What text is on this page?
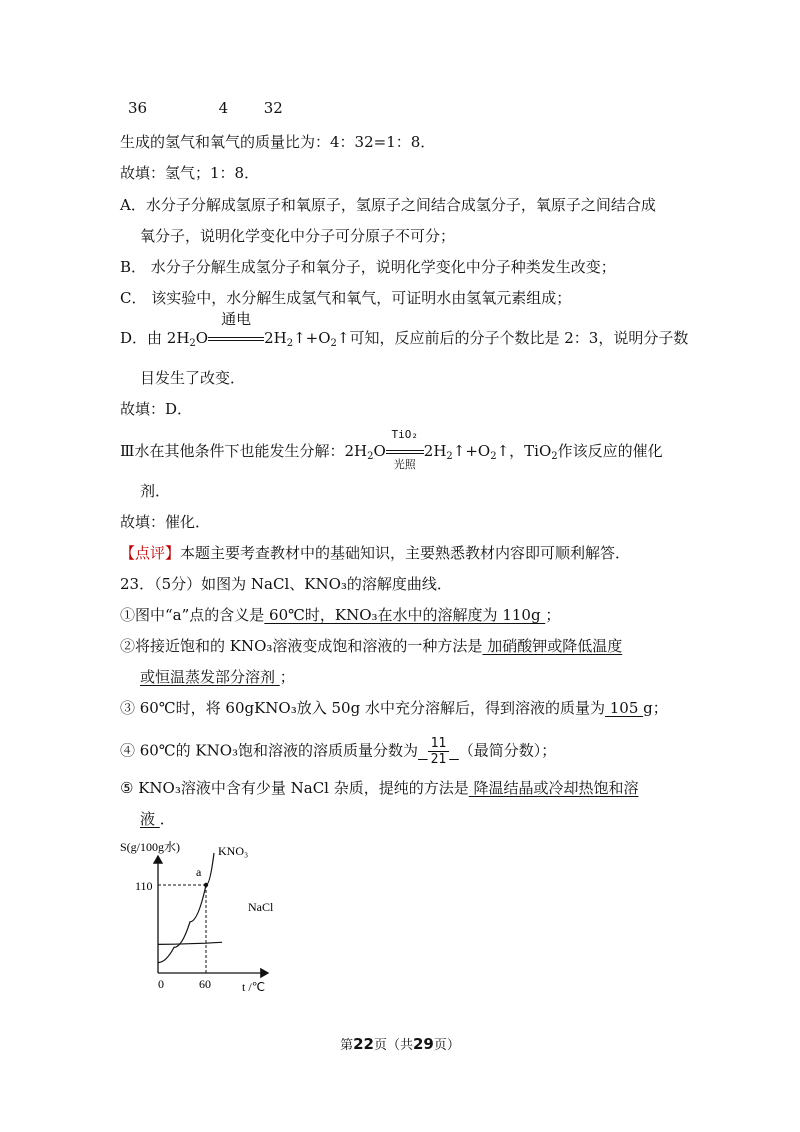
36	4 32
生成的氢气和氧气的质量比为：4：32=1：8．
故填：氢气；1：8．
A．水分子分解成氢原子和氧原子，氢原子之间结合成氢分子，氧原子之间结合成
氧分子，说明化学变化中分子可分原子不可分；
B． 水分子分解生成氢分子和氧分子，说明化学变化中分子种类发生改变；
C． 该实验中，水分解生成氢气和氧气，可证明水由氢氧元素组成；
D．由 $2H_2O$
通电
$2H_2↑+O_2↑$可知，反应前后的分子个数比是 2：3，说明分子数
目发生了改变．
故填：D．
Ⅲ水在其他条件下也能发生分解：$2H_2O$
TiO₂
光照
$2H_2↑+O_2↑$，TiO$_2$作该反应的催化
剂．
故填：催化．
【点评】本题主要考查教材中的基础知识，主要熟悉教材内容即可顺利解答．
23．（5分）如图为 NaCl、KNO₃的溶解度曲线．
①图中“a”点的含义是 60℃时，KNO₃在水中的溶解度为 110g ；
②将接近饱和的 KNO₃溶液变成饱和溶液的一种方法是 加硝酸钾或降低温度
或恒温蒸发部分溶剂 ；
③ 60℃时，将 60gKNO₃放入 50g 水中充分溶解后，得到溶液的质量为 105 g；
④ 60℃的 KNO₃饱和溶液的溶质质量分数为 $\frac{11}{21}$ （最简分数）；
⑤ KNO₃溶液中含有少量 NaCl 杂质，提纯的方法是 降温结晶或冷却热饱和溶
液 ．
S(g/100g水)
t /℃
0	60
110
a
KNO₃
NaCl
第22页（共29页）
